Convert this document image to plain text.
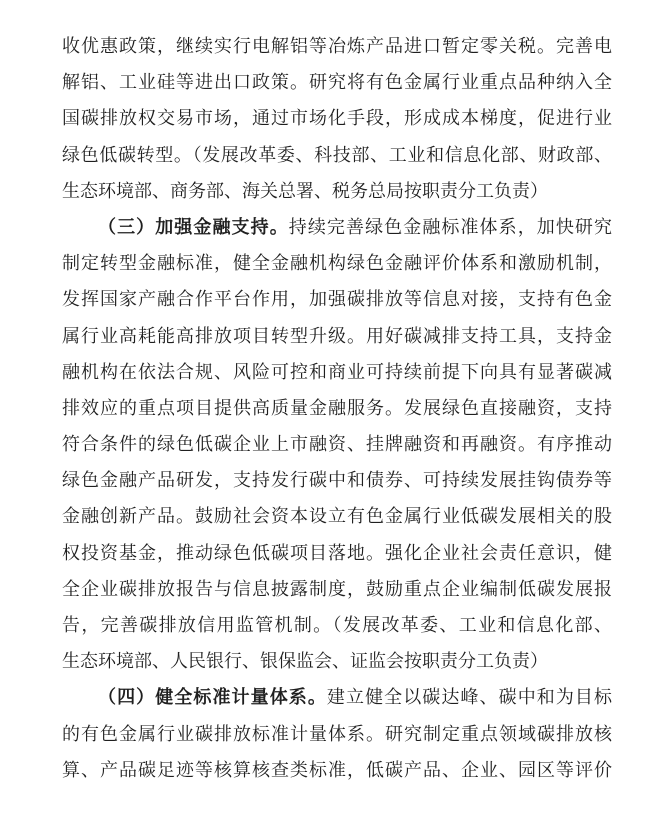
收优惠政策，继续实行电解铝等冶炼产品进口暂定零关税。完善电
解铝、工业硅等进出口政策。研究将有色金属行业重点品种纳入全
国碳排放权交易市场，通过市场化手段，形成成本梯度，促进行业
绿色低碳转型。（发展改革委、科技部、工业和信息化部、财政部、
生态环境部、商务部、海关总署、税务总局按职责分工负责）
（三）加强金融支持。持续完善绿色金融标准体系，加快研究
制定转型金融标准，健全金融机构绿色金融评价体系和激励机制，
发挥国家产融合作平台作用，加强碳排放等信息对接，支持有色金
属行业高耗能高排放项目转型升级。用好碳减排支持工具，支持金
融机构在依法合规、风险可控和商业可持续前提下向具有显著碳减
排效应的重点项目提供高质量金融服务。发展绿色直接融资，支持
符合条件的绿色低碳企业上市融资、挂牌融资和再融资。有序推动
绿色金融产品研发，支持发行碳中和债券、可持续发展挂钩债券等
金融创新产品。鼓励社会资本设立有色金属行业低碳发展相关的股
权投资基金，推动绿色低碳项目落地。强化企业社会责任意识，健
全企业碳排放报告与信息披露制度，鼓励重点企业编制低碳发展报
告，完善碳排放信用监管机制。（发展改革委、工业和信息化部、
生态环境部、人民银行、银保监会、证监会按职责分工负责）
（四）健全标准计量体系。建立健全以碳达峰、碳中和为目标
的有色金属行业碳排放标准计量体系。研究制定重点领域碳排放核
算、产品碳足迹等核算核查类标准，低碳产品、企业、园区等评价
